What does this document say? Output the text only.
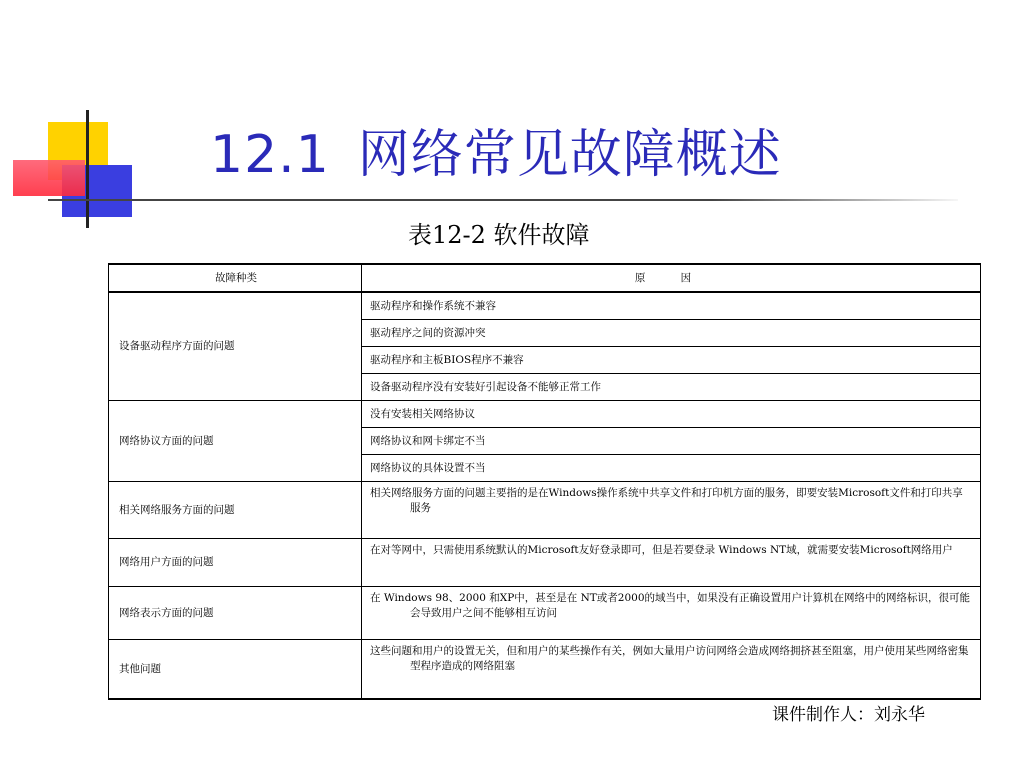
12.1 网络常见故障概述
表12-2 软件故障
故障种类	原 因
设备驱动程序方面的问题	驱动程序和操作系统不兼容
	驱动程序之间的资源冲突
	驱动程序和主板BIOS程序不兼容
	设备驱动程序没有安装好引起设备不能够正常工作
网络协议方面的问题	没有安装相关网络协议
	网络协议和网卡绑定不当
	网络协议的具体设置不当
相关网络服务方面的问题	相关网络服务方面的问题主要指的是在Windows操作系统中共享文件和打印机方面的服务，即要安装Microsoft文件和打印共享服务

网络用户方面的问题	在对等网中，只需使用系统默认的Microsoft友好登录即可，但是若要登录 Windows NT域，就需要安装Microsoft网络用户

网络表示方面的问题	在 Windows 98、2000 和XP中，甚至是在 NT或者2000的域当中，如果没有正确设置用户计算机在网络中的网络标识，很可能会导致用户之间不能够相互访问

其他问题	这些问题和用户的设置无关，但和用户的某些操作有关，例如大量用户访问网络会造成网络拥挤甚至阻塞，用户使用某些网络密集型程序造成的网络阻塞
课件制作人：刘永华
